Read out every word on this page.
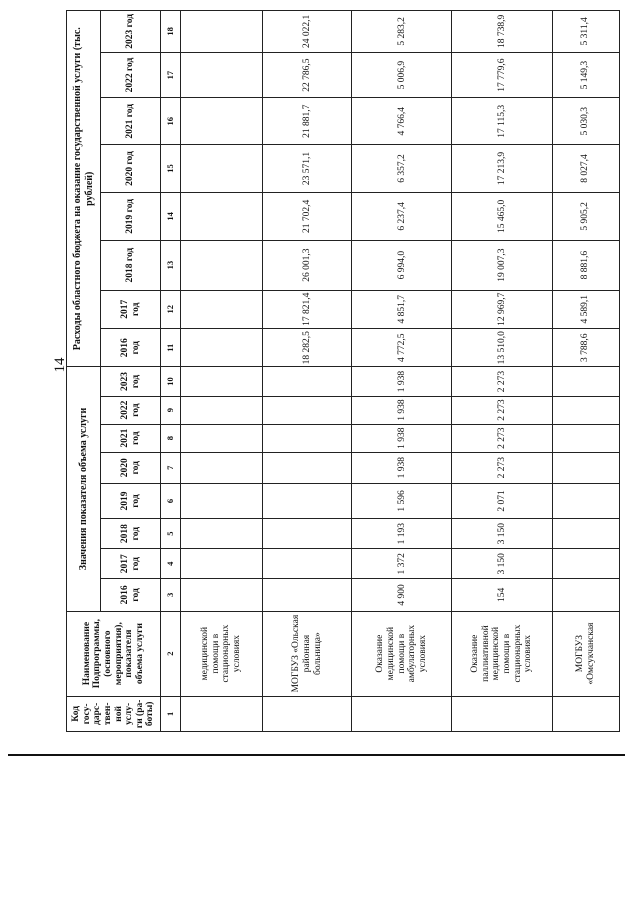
14
Код госу-дарс-твен-ной услу-ги (ра-боты)	Наименование Подпрограммы, (основного мероприятия), показателя объема услуги	Значения показателя объема услуги								Расходы областного бюджета на оказание государственной услуги (тыс. рублей)							
		2016 год	2017 год	2018 год	2019 год	2020 год	2021 год	2022 год	2023 год	2016 год	2017 год	2018 год	2019 год	2020 год	2021 год	2022 год	2023 год
1	2	3	4	5	6	7	8	9	10	11	12	13	14	15	16	17	18
	медицинской помощи в стационарных условиях																
	МОГБУЗ «Ольская районная больница»									18 282,5	17 821,4	26 001,3	21 702,4	23 571,1	21 881,7	22 786,5	24 022,1
	Оказание медицинской помощи в амбулаторных условиях	4 900	1 372	1 193	1 596	1 938	1 938	1 938	1 938	4 772,5	4 851,7	6 994,0	6 237,4	6 357,2	4 766,4	5 006,9	5 283,2
	Оказание паллиативной медицинской помощи в стационарных условиях	154	3 150	3 150	2 071	2 273	2 273	2 273	2 273	13 510,0	12 969,7	19 007,3	15 465,0	17 213,9	17 115,3	17 779,6	18 738,9
	МОГБУЗ «Омсукчанская									3 788,6	4 589,1	8 881,6	5 905,2	8 027,4	5 030,3	5 149,3	5 311,4
